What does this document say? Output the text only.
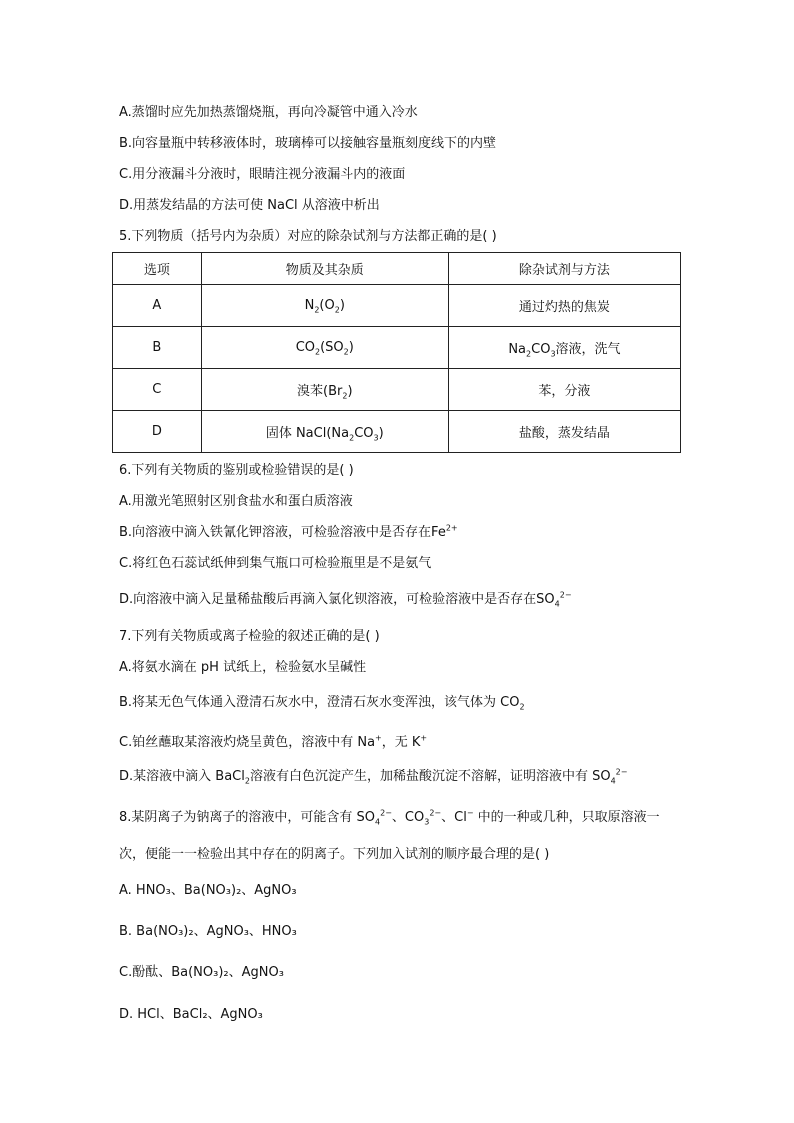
A.蒸馏时应先加热蒸馏烧瓶，再向冷凝管中通入冷水
B.向容量瓶中转移液体时，玻璃棒可以接触容量瓶刻度线下的内壁
C.用分液漏斗分液时，眼睛注视分液漏斗内的液面
D.用蒸发结晶的方法可使 NaCl 从溶液中析出
5.下列物质（括号内为杂质）对应的除杂试剂与方法都正确的是( )
选项	物质及其杂质	除杂试剂与方法
A	$N_2(O_2)$	通过灼热的焦炭
B	$CO_2(SO_2)$	$Na_2CO_3$溶液，洗气
C	溴苯$(Br_2)$	苯，分液
D	固体 $NaCl(Na_2CO_3)$	盐酸，蒸发结晶
6.下列有关物质的鉴别或检验错误的是( )
A.用激光笔照射区别食盐水和蛋白质溶液
B.向溶液中滴入铁氰化钾溶液，可检验溶液中是否存在$Fe^{2+}$
C.将红色石蕊试纸伸到集气瓶口可检验瓶里是不是氨气
D.向溶液中滴入足量稀盐酸后再滴入氯化钡溶液，可检验溶液中是否存在$SO_4^{2-}$
7.下列有关物质或离子检验的叙述正确的是( )
A.将氨水滴在 pH 试纸上，检验氨水呈碱性
B.将某无色气体通入澄清石灰水中，澄清石灰水变浑浊，该气体为 $CO_2$
C.铂丝蘸取某溶液灼烧呈黄色，溶液中有 Na+，无 K+
D.某溶液中滴入 BaCl$_2$溶液有白色沉淀产生，加稀盐酸沉淀不溶解，证明溶液中有 $SO_4^{2-}$
8.某阴离子为钠离子的溶液中，可能含有 $SO_4^{2-}$、$CO_3^{2-}$、Cl− 中的一种或几种，只取原溶液一
次，便能一一检验出其中存在的阴离子。下列加入试剂的顺序最合理的是( )
A. HNO₃、Ba(NO₃)₂、AgNO₃
B. Ba(NO₃)₂、AgNO₃、HNO₃
C.酚酞、Ba(NO₃)₂、AgNO₃
D. HCl、BaCl₂、AgNO₃
